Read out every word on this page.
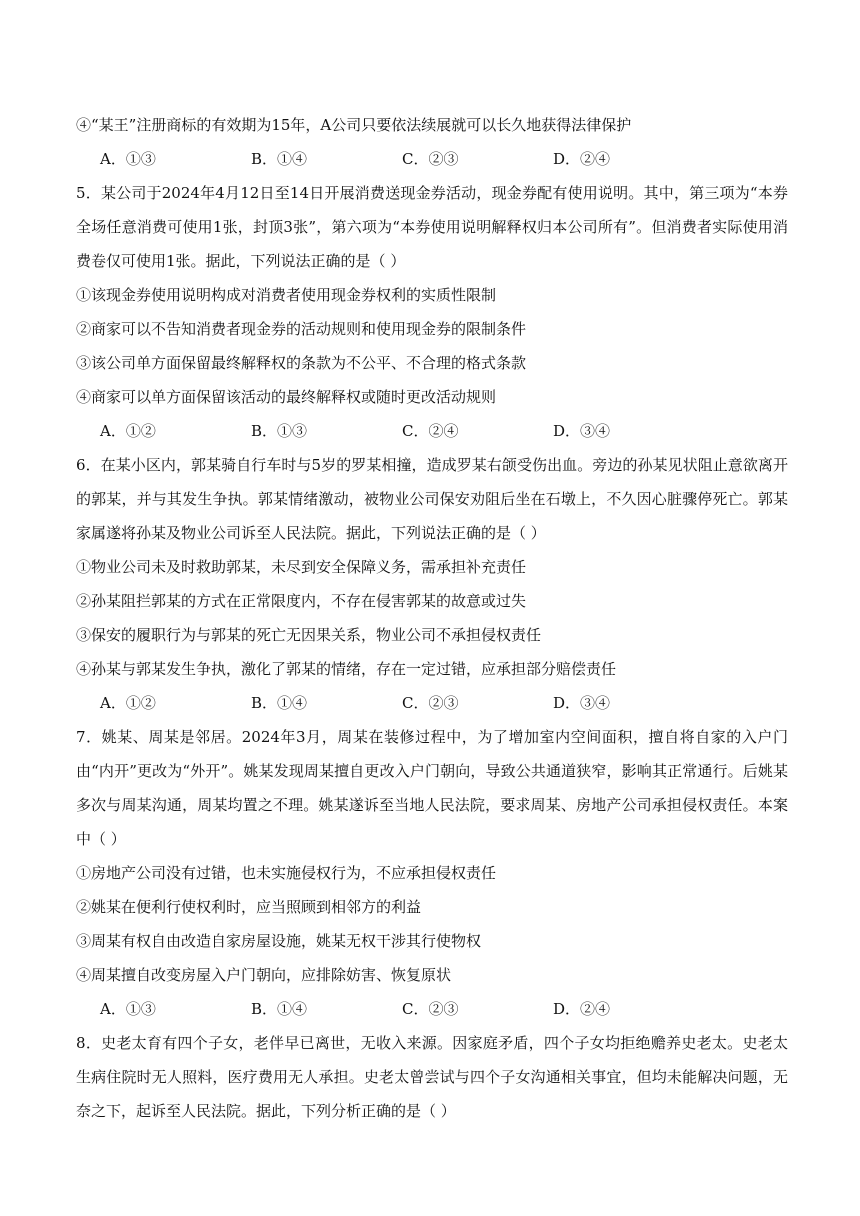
④“某王”注册商标的有效期为15年，A公司只要依法续展就可以长久地获得法律保护
A．①③	B．①④	C．②③	D．②④
5．某公司于2024年4月12日至14日开展消费送现金券活动，现金券配有使用说明。其中，第三项为“本券全场任意消费可使用1张，封顶3张”，第六项为“本券使用说明解释权归本公司所有”。但消费者实际使用消费卷仅可使用1张。据此，下列说法正确的是（ ）
①该现金券使用说明构成对消费者使用现金券权利的实质性限制
②商家可以不告知消费者现金券的活动规则和使用现金券的限制条件
③该公司单方面保留最终解释权的条款为不公平、不合理的格式条款
④商家可以单方面保留该活动的最终解释权或随时更改活动规则
A．①②	B．①③	C．②④	D．③④
6．在某小区内，郭某骑自行车时与5岁的罗某相撞，造成罗某右颌受伤出血。旁边的孙某见状阻止意欲离开的郭某，并与其发生争执。郭某情绪激动，被物业公司保安劝阻后坐在石墩上，不久因心脏骤停死亡。郭某家属遂将孙某及物业公司诉至人民法院。据此，下列说法正确的是（ ）
①物业公司未及时救助郭某，未尽到安全保障义务，需承担补充责任
②孙某阻拦郭某的方式在正常限度内，不存在侵害郭某的故意或过失
③保安的履职行为与郭某的死亡无因果关系，物业公司不承担侵权责任
④孙某与郭某发生争执，激化了郭某的情绪，存在一定过错，应承担部分赔偿责任
A．①②	B．①④	C．②③	D．③④
7．姚某、周某是邻居。2024年3月，周某在装修过程中，为了增加室内空间面积，擅自将自家的入户门由“内开”更改为“外开”。姚某发现周某擅自更改入户门朝向，导致公共通道狭窄，影响其正常通行。后姚某多次与周某沟通，周某均置之不理。姚某遂诉至当地人民法院，要求周某、房地产公司承担侵权责任。本案中（ ）
①房地产公司没有过错，也未实施侵权行为，不应承担侵权责任
②姚某在便利行使权利时，应当照顾到相邻方的利益
③周某有权自由改造自家房屋设施，姚某无权干涉其行使物权
④周某擅自改变房屋入户门朝向，应排除妨害、恢复原状
A．①③	B．①④	C．②③	D．②④
8．史老太育有四个子女，老伴早已离世，无收入来源。因家庭矛盾，四个子女均拒绝赡养史老太。史老太生病住院时无人照料，医疗费用无人承担。史老太曾尝试与四个子女沟通相关事宜，但均未能解决问题，无奈之下，起诉至人民法院。据此，下列分析正确的是（ ）
